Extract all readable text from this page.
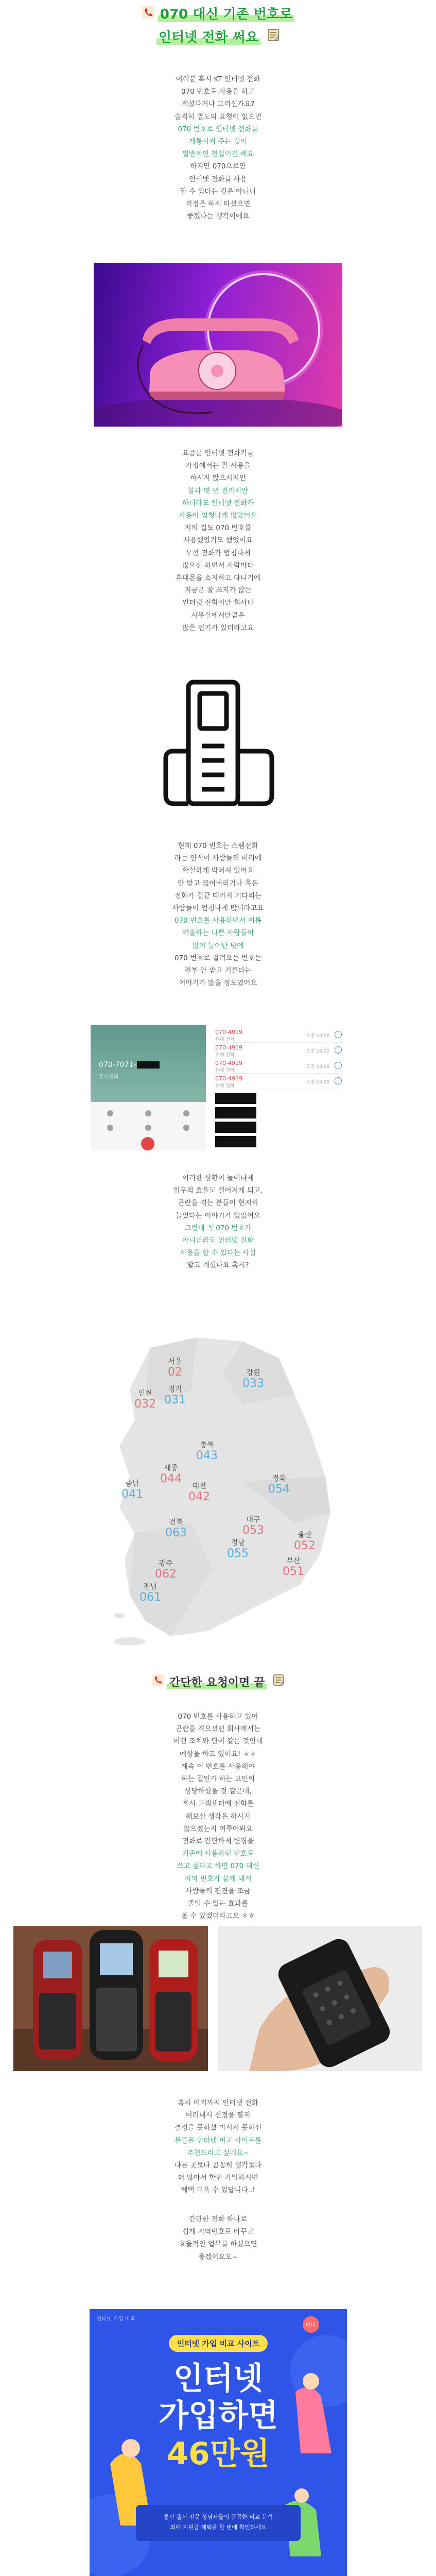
070 대신 기존 번호로
인터넷 전화 써요
여러분 혹시 KT 인터넷 전화
070 번호로 사용을 하고
계셨다거나 그러신가요?
솔직히 별도의 요청이 없으면
070 번호로 인터넷 전화를
개통시켜 주는 것이
일반적인 현실이긴 해요
하지만 070으로만
인터넷 전화를 사용
할 수 있다는 것은 아니니
걱정은 하지 마셨으면
좋겠다는 생각이에요
요즘은 인터넷 전화기를
가정에서는 잘 사용을
하시지 않으시지만
불과 몇 년 전까지만
하더라도 인터넷 전화가
사용이 엄청나게 많았어요
저의 집도 070 번호를
사용했었기도 했었어요
우선 전화가 엄청나게
많으신 하면서 사람마다
휴대폰을 소지하고 다니기에
지금은 잘 쓰지가 않는
인터넷 전화지만 회사나
사무실에서만큼은
많은 인기가 있더라고요
현재 070 번호는 스팸전화
라는 인식이 사람들의 머리에
확실하게 박혀져 있어요
안 받고 끊어버리거나 혹은
전화가 걸끝 때까지 기다리는
사람들이 엄청나게 많더라고요
070 번호를 사용하면서 이롭
약솔하는 나쁜 사람들이
많이 늘어난 탓에
070 번호로 걸려오는 번호는
전부 안 받고 거른다는
이야기가 많을 정도였어요
070-7071-
휴대전화
070-4919
휴대 전화
오전 10:00
070-4919
휴대 전화
오전 10:00
070-4919
휴대 전화
오전 10:00
070-4919
휴대 전화
오전 10:00
이러한 상황이 늘어나게
업무적 효율도 떨어지게 되고,
곤란을 겪는 분들이 현저히
늘었다는 이야기가 있었어요
그런데 꼭 070 번호가
아니더라도 인터넷 전화
사용을 할 수 있다는 사실
알고 계셨나요 혹시?
서울
02
인천
032
경기
031
강원
033
충북
043
세종
044
충남
041
대전
042
경북
054
전북
063
대구
053	울산
052
경남
055
광주
062
부산
051
전남
061
간단한 요청이면 끝
070 번호를 사용하고 있어
곤란을 겪으셨던 회사에서는
어떤 조치와 단어 같은 것인데
예상을 하고 있어요! ㅎㅎ
계속 이 번호를 사용해야
하는 걸인가 하는 고민이
상당하셨을 것 같은데,
혹시 고객센터에 전화를
해보실 생각은 하시지
않으셨는지 여쭈어봐요
전화로 간단하게 변경을
기존에 사용하던 번호로
쓰고 싶다고 하면 070 대신
지역 번호가 붙게 돼서
사람들의 편견을 조금
줄일 수 있는 효과를
볼 수 있겠더라고요 ㅎㅎ
혹시 여직까지 인터넷 전화
여러내서 선정을 할지
결정을 못하셨 마시지 못하신
분들은 인터넷 비교 사이트를
추천드리고 싶네요~
다른 곳보다 꼼꼼히 생각보다
더 많아서 한번 가입하시면
혜택 더욱 수 있답니다..!
간단한 전화 하나로
쉽게 지역번호로 바꾸고
효율적인 업무를 하셨으면
좋겠어요오~
인터넷 가입 비교
배너
인터넷 가입 비교 사이트
인터넷
가입하면
46만원
통신 출신 전문 상담사들의 꼼꼼한 비교 분석
최대 지원금 혜택을 한 번에 확인하세요
